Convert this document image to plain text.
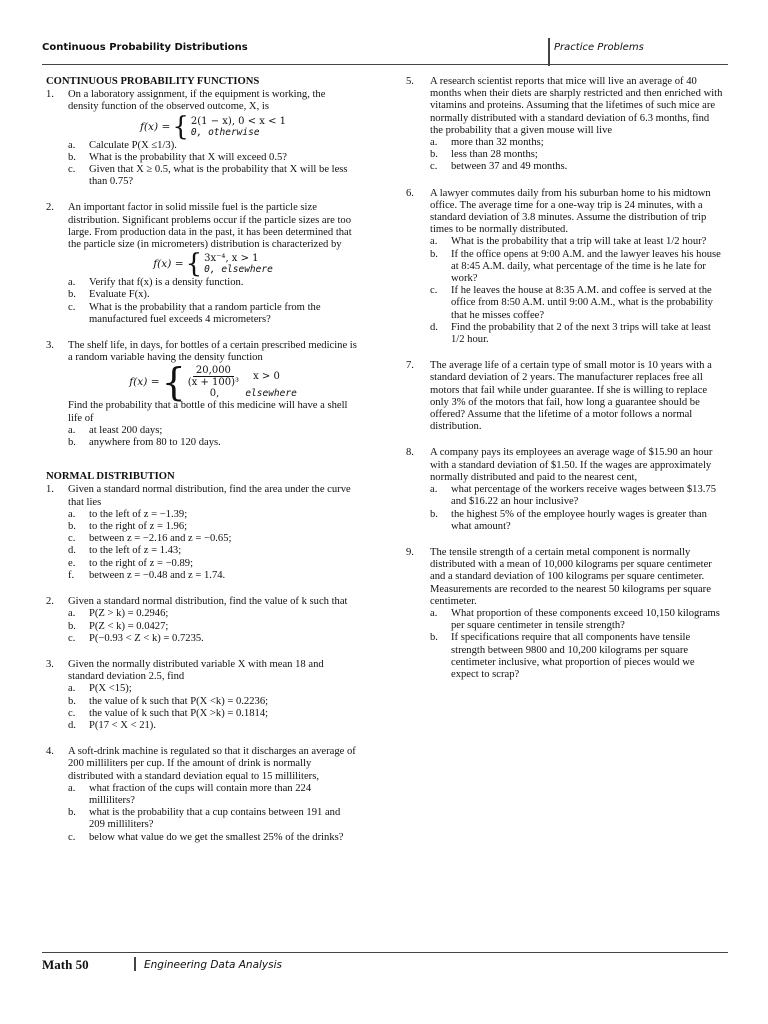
Continuous Probability Distributions	Practice Problems
CONTINUOUS PROBABILITY FUNCTIONS
1.	On a laboratory assignment, if the equipment is working, the density function of the observed outcome, X, is
f(x) = { 2(1 − x), 0 < x < 1
0, otherwise
a.	Calculate P(X ≤1/3).
b.	What is the probability that X will exceed 0.5?
c.	Given that X ≥ 0.5, what is the probability that X will be less than 0.75?
2.	An important factor in solid missile fuel is the particle size distribution. Significant problems occur if the particle sizes are too large. From production data in the past, it has been determined that the particle size (in micrometers) distribution is characterized by
f(x) = { 3x⁻⁴, x > 1
0, elsewhere
a.	Verify that f(x) is a density function.
b.	Evaluate F(x).
c.	What is the probability that a random particle from the manufactured fuel exceeds 4 micrometers?
3.	The shelf life, in days, for bottles of a certain prescribed medicine is a random variable having the density function
f(x) = { $\frac{20,000}{\text{(x + 100)³}}$ x > 0
0,	elsewhere
Find the probability that a bottle of this medicine will have a shell life of
a.	at least 200 days;
b.	anywhere from 80 to 120 days.
NORMAL DISTRIBUTION
1.	Given a standard normal distribution, find the area under the curve that lies
a.	to the left of z = −1.39;
b.	to the right of z = 1.96;
c.	between z = −2.16 and z = −0.65;
d.	to the left of z = 1.43;
e.	to the right of z = −0.89;
f.	between z = −0.48 and z = 1.74.
2.	Given a standard normal distribution, find the value of k such that
a.	P(Z > k) = 0.2946;
b.	P(Z < k) = 0.0427;
c.	P(−0.93 < Z < k) = 0.7235.
3.	Given the normally distributed variable X with mean 18 and standard deviation 2.5, find
a.	P(X <15);
b.	the value of k such that P(X <k) = 0.2236;
c.	the value of k such that P(X >k) = 0.1814;
d.	P(17 < X < 21).
4.	A soft-drink machine is regulated so that it discharges an average of 200 milliliters per cup. If the amount of drink is normally distributed with a standard deviation equal to 15 milliliters,
a.	what fraction of the cups will contain more than 224 milliliters?
b.	what is the probability that a cup contains between 191 and 209 milliliters?
c.	below what value do we get the smallest 25% of the drinks?
5.	A research scientist reports that mice will live an average of 40 months when their diets are sharply restricted and then enriched with vitamins and proteins. Assuming that the lifetimes of such mice are normally distributed with a standard deviation of 6.3 months, find the probability that a given mouse will live
a.	more than 32 months;
b.	less than 28 months;
c.	between 37 and 49 months.
6.	A lawyer commutes daily from his suburban home to his midtown office. The average time for a one-way trip is 24 minutes, with a standard deviation of 3.8 minutes. Assume the distribution of trip times to be normally distributed.
a.	What is the probability that a trip will take at least 1/2 hour?
b.	If the office opens at 9:00 A.M. and the lawyer leaves his house at 8:45 A.M. daily, what percentage of the time is he late for work?
c.	If he leaves the house at 8:35 A.M. and coffee is served at the office from 8:50 A.M. until 9:00 A.M., what is the probability that he misses coffee?
d.	Find the probability that 2 of the next 3 trips will take at least 1/2 hour.
7.	The average life of a certain type of small motor is 10 years with a standard deviation of 2 years. The manufacturer replaces free all motors that fail while under guarantee. If she is willing to replace only 3% of the motors that fail, how long a guarantee should be offered? Assume that the lifetime of a motor follows a normal distribution.
8.	A company pays its employees an average wage of $15.90 an hour with a standard deviation of $1.50. If the wages are approximately normally distributed and paid to the nearest cent,
a.	what percentage of the workers receive wages between $13.75 and $16.22 an hour inclusive?
b.	the highest 5% of the employee hourly wages is greater than what amount?
9.	The tensile strength of a certain metal component is normally distributed with a mean of 10,000 kilograms per square centimeter and a standard deviation of 100 kilograms per square centimeter. Measurements are recorded to the nearest 50 kilograms per square centimeter.
a.	What proportion of these components exceed 10,150 kilograms per square centimeter in tensile strength?
b.	If specifications require that all components have tensile strength between 9800 and 10,200 kilograms per square centimeter inclusive, what proportion of pieces would we expect to scrap?
Math 50	Engineering Data Analysis
